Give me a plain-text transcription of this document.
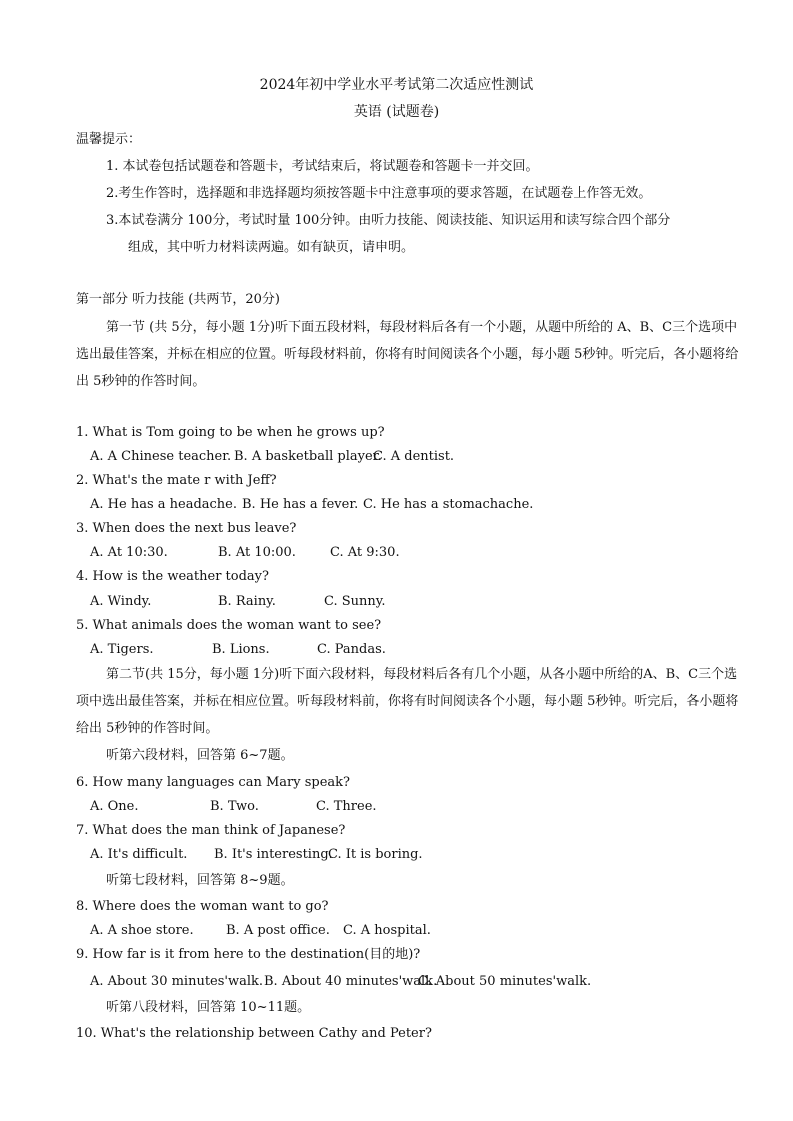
2024年初中学业水平考试第二次适应性测试
英语 (试题卷)
温馨提示：
1. 本试卷包括试题卷和答题卡，考试结束后，将试题卷和答题卡一并交回。
2.考生作答时，选择题和非选择题均须按答题卡中注意事项的要求答题，在试题卷上作答无效。
3.本试卷满分 100分，考试时量 100分钟。由听力技能、阅读技能、知识运用和读写综合四个部分
组成，其中听力材料读两遍。如有缺页，请申明。
第一部分 听力技能 (共两节，20分)
第一节 (共 5分，每小题 1分)听下面五段材料，每段材料后各有一个小题，从题中所给的 A、B、C三个选项中选出最佳答案，并标在相应的位置。听每段材料前，你将有时间阅读各个小题，每小题 5秒钟。听完后，各小题将给出 5秒钟的作答时间。
1. What is Tom going to be when he grows up?
A. A Chinese teacher. B. A basketball player.
C. A dentist.
2. What's the mate r with Jeff?
A. He has a headache. B. He has a fever. C. He has a stomachache.
3. When does the next bus leave?
A. At 10:30.	B. At 10:00.	C. At 9:30.
4. How is the weather today?
A. Windy.	B. Rainy.	C. Sunny.
5. What animals does the woman want to see?
A. Tigers.	B. Lions.	C. Pandas.
第二节(共 15分，每小题 1分)听下面六段材料，每段材料后各有几个小题，从各小题中所给的A、B、C三个选项中选出最佳答案，并标在相应位置。听每段材料前，你将有时间阅读各个小题，每小题 5秒钟。听完后，各小题将给出 5秒钟的作答时间。
听第六段材料，回答第 6~7题。
6. How many languages can Mary speak?
A. One.	B. Two.	C. Three.
7. What does the man think of Japanese?
A. It's difficult. B. It's interesting.
C. It is boring.
听第七段材料，回答第 8~9题。
8. Where does the woman want to go?
A. A shoe store. B. A post office. C. A hospital.
9. How far is it from here to the destination(目的地)?
A. About 30 minutes'walk. B. About 40 minutes'walk.
C. About 50 minutes'walk.
听第八段材料，回答第 10~11题。
10. What's the relationship between Cathy and Peter?
